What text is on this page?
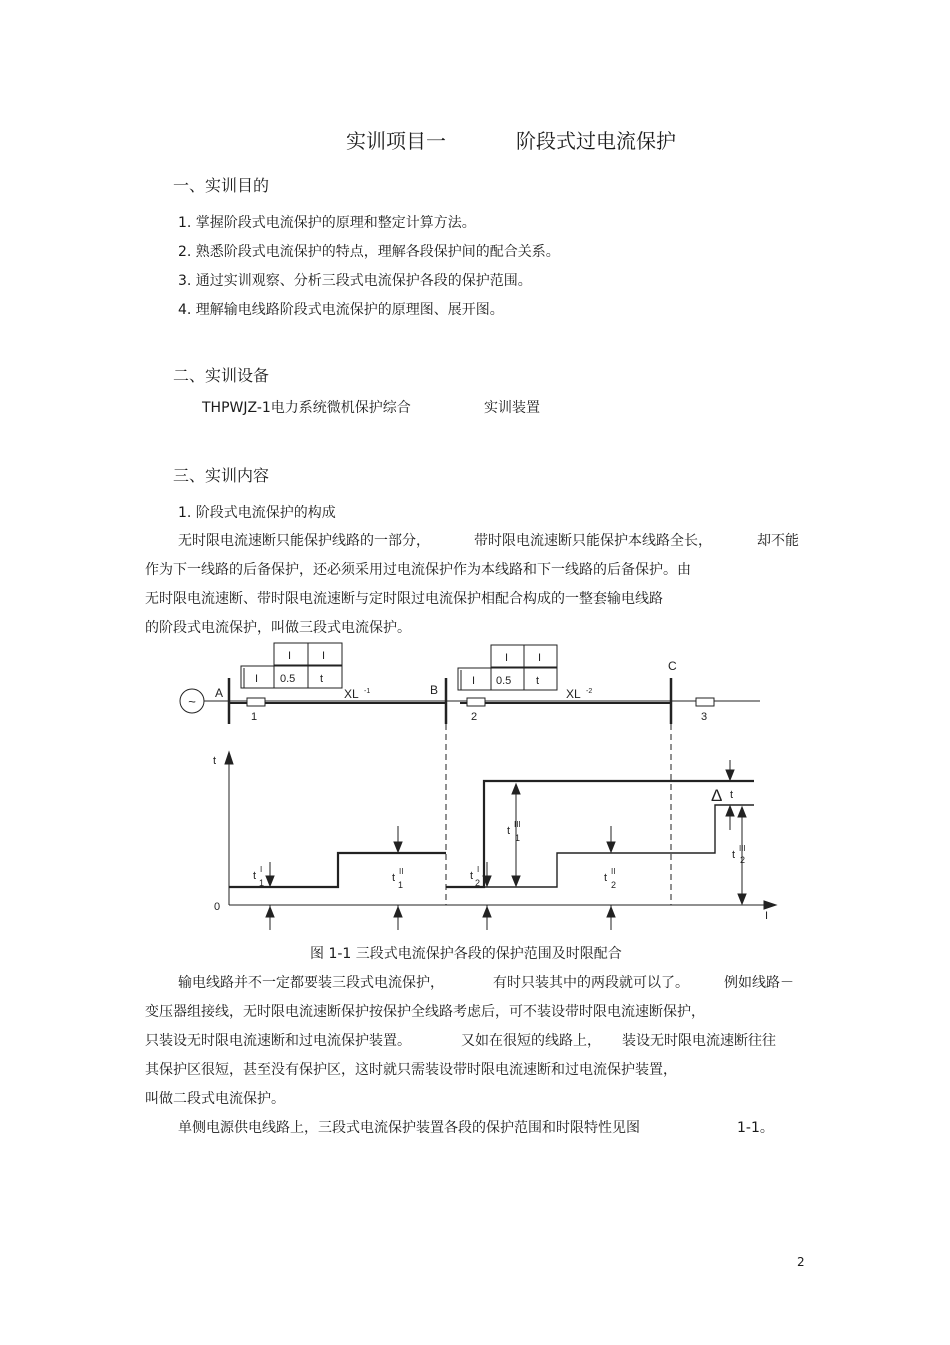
实训项目一	阶段式过电流保护
一、实训目的
1. 掌握阶段式电流保护的原理和整定计算方法。
2. 熟悉阶段式电流保护的特点，理解各段保护间的配合关系。
3. 通过实训观察、分析三段式电流保护各段的保护范围。
4. 理解输电线路阶段式电流保护的原理图、展开图。
二、实训设备
THPWJZ-1电力系统微机保护综合	实训装置
三、实训内容
1. 阶段式电流保护的构成
无时限电流速断只能保护线路的一部分，	带时限电流速断只能保护本线路全长，	却不能
作为下一线路的后备保护，还必须采用过电流保护作为本线路和下一线路的后备保护。由
无时限电流速断、带时限电流速断与定时限过电流保护相配合构成的一整套输电线路
的阶段式电流保护，叫做三段式电流保护。
~
A	B
C
1	2	3
XL -1	XL -2
I	I
I 0.5 t
I	I
I 0.5 t
t
I
0
t
I
1	t
II
1
t
III
1
t
I
2	t
II
2
t
III
2
Δ t
图 1-1 三段式电流保护各段的保护范围及时限配合
输电线路并不一定都要装三段式电流保护，	有时只装其中的两段就可以了。	例如线路－
变压器组接线，无时限电流速断保护按保护全线路考虑后，可不装设带时限电流速断保护，
只装设无时限电流速断和过电流保护装置。	又如在很短的线路上， 装设无时限电流速断往往
其保护区很短，甚至没有保护区，这时就只需装设带时限电流速断和过电流保护装置，
叫做二段式电流保护。
单侧电源供电线路上，三段式电流保护装置各段的保护范围和时限特性见图	1-1。
2
